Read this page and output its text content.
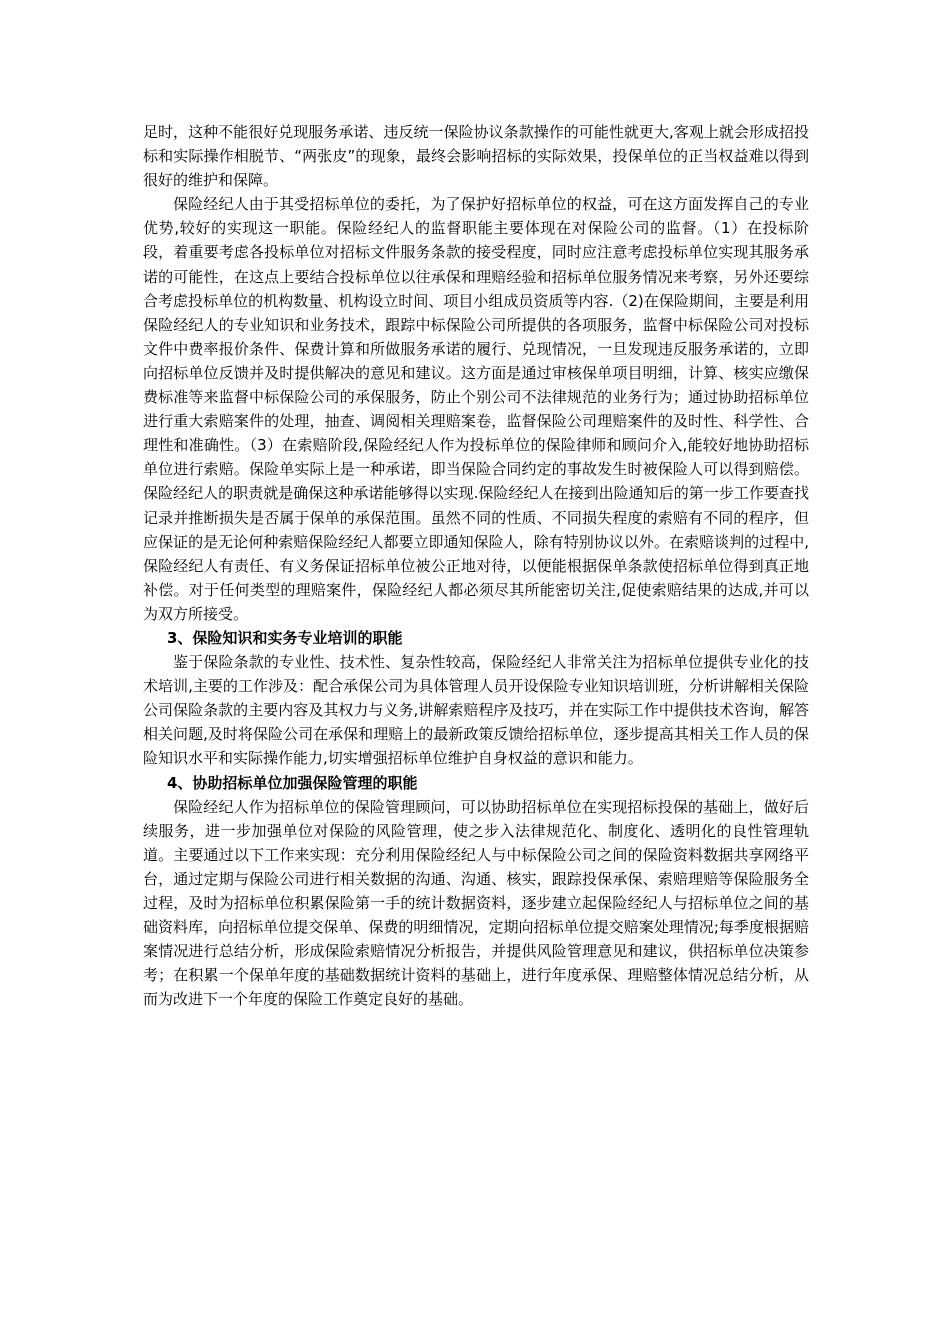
足时，这种不能很好兑现服务承诺、违反统一保险协议条款操作的可能性就更大,客观上就会形成招投标和实际操作相脱节、“两张皮”的现象，最终会影响招标的实际效果，投保单位的正当权益难以得到很好的维护和保障。

保险经纪人由于其受招标单位的委托，为了保护好招标单位的权益，可在这方面发挥自己的专业优势,较好的实现这一职能。保险经纪人的监督职能主要体现在对保险公司的监督。（1）在投标阶段，着重要考虑各投标单位对招标文件服务条款的接受程度，同时应注意考虑投标单位实现其服务承诺的可能性，在这点上要结合投标单位以往承保和理赔经验和招标单位服务情况来考察，另外还要综合考虑投标单位的机构数量、机构设立时间、项目小组成员资质等内容.（2)在保险期间，主要是利用保险经纪人的专业知识和业务技术，跟踪中标保险公司所提供的各项服务，监督中标保险公司对投标文件中费率报价条件、保费计算和所做服务承诺的履行、兑现情况，一旦发现违反服务承诺的，立即向招标单位反馈并及时提供解决的意见和建议。这方面是通过审核保单项目明细，计算、核实应缴保费标准等来监督中标保险公司的承保服务，防止个别公司不法律规范的业务行为；通过协助招标单位进行重大索赔案件的处理，抽查、调阅相关理赔案卷，监督保险公司理赔案件的及时性、科学性、合理性和准确性。（3）在索赔阶段,保险经纪人作为投标单位的保险律师和顾问介入,能较好地协助招标单位进行索赔。保险单实际上是一种承诺，即当保险合同约定的事故发生时被保险人可以得到赔偿。保险经纪人的职责就是确保这种承诺能够得以实现.保险经纪人在接到出险通知后的第一步工作要查找记录并推断损失是否属于保单的承保范围。虽然不同的性质、不同损失程度的索赔有不同的程序，但应保证的是无论何种索赔保险经纪人都要立即通知保险人，除有特别协议以外。在索赔谈判的过程中,保险经纪人有责任、有义务保证招标单位被公正地对待，以便能根据保单条款使招标单位得到真正地补偿。对于任何类型的理赔案件，保险经纪人都必须尽其所能密切关注,促使索赔结果的达成,并可以为双方所接受。

3、保险知识和实务专业培训的职能

鉴于保险条款的专业性、技术性、复杂性较高，保险经纪人非常关注为招标单位提供专业化的技术培训,主要的工作涉及：配合承保公司为具体管理人员开设保险专业知识培训班，分析讲解相关保险公司保险条款的主要内容及其权力与义务,讲解索赔程序及技巧，并在实际工作中提供技术咨询，解答相关问题,及时将保险公司在承保和理赔上的最新政策反馈给招标单位，逐步提高其相关工作人员的保险知识水平和实际操作能力,切实增强招标单位维护自身权益的意识和能力。

4、协助招标单位加强保险管理的职能

保险经纪人作为招标单位的保险管理顾问，可以协助招标单位在实现招标投保的基础上，做好后续服务，进一步加强单位对保险的风险管理，使之步入法律规范化、制度化、透明化的良性管理轨道。主要通过以下工作来实现：充分利用保险经纪人与中标保险公司之间的保险资料数据共享网络平台，通过定期与保险公司进行相关数据的沟通、沟通、核实，跟踪投保承保、索赔理赔等保险服务全过程，及时为招标单位积累保险第一手的统计数据资料，逐步建立起保险经纪人与招标单位之间的基础资料库，向招标单位提交保单、保费的明细情况，定期向招标单位提交赔案处理情况;每季度根据赔案情况进行总结分析，形成保险索赔情况分析报告，并提供风险管理意见和建议，供招标单位决策参考；在积累一个保单年度的基础数据统计资料的基础上，进行年度承保、理赔整体情况总结分析，从而为改进下一个年度的保险工作奠定良好的基础。
